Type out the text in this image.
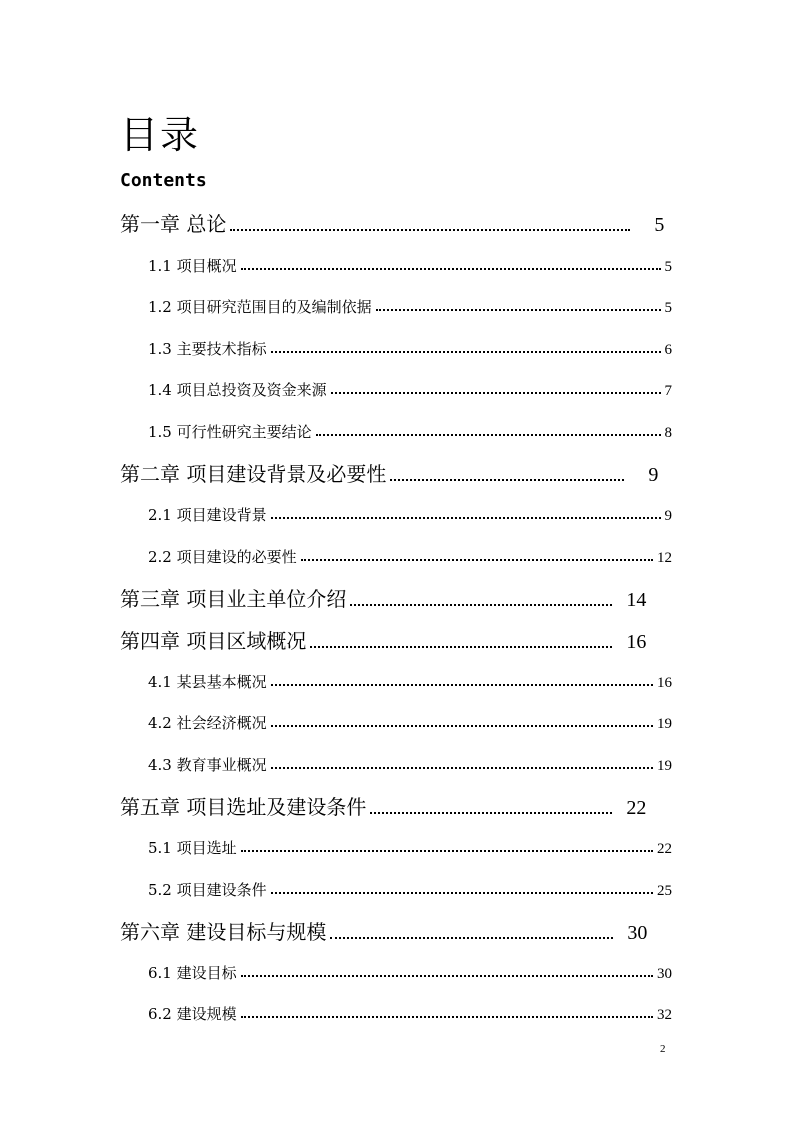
目录
Contents
第一章 总论	5
1.1 项目概况	5
1.2 项目研究范围目的及编制依据	5
1.3 主要技术指标	6
1.4 项目总投资及资金来源	7
1.5 可行性研究主要结论	8
第二章 项目建设背景及必要性	9
2.1 项目建设背景	9
2.2 项目建设的必要性	12
第三章 项目业主单位介绍	14
第四章 项目区域概况	16
4.1 某县基本概况	16
4.2 社会经济概况	19
4.3 教育事业概况	19
第五章 项目选址及建设条件	22
5.1 项目选址	22
5.2 项目建设条件	25
第六章 建设目标与规模	30
6.1 建设目标	30
6.2 建设规模	32
2
